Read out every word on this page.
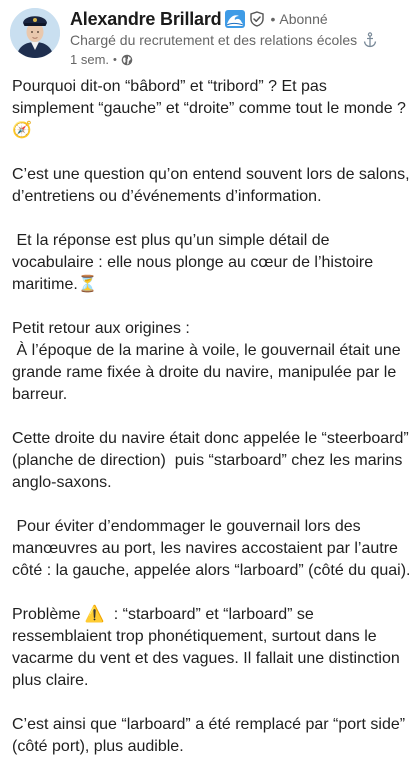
Alexandre Brillard	• Abonné
Chargé du recrutement et des relations écoles
1 sem. •

Pourquoi dit-on “bâbord” et “tribord” ? Et pas simplement “gauche” et “droite” comme tout le monde ?🧭

C’est une question qu’on entend souvent lors de salons, d’entretiens ou d’événements d’information.

Et la réponse est plus qu’un simple détail de vocabulaire : elle nous plonge au cœur de l’histoire maritime.⏳

Petit retour aux origines :
À l’époque de la marine à voile, le gouvernail était une grande rame fixée à droite du navire, manipulée par le barreur.

Cette droite du navire était donc appelée le “steerboard” (planche de direction)  puis “starboard” chez les marins anglo-saxons.

Pour éviter d’endommager le gouvernail lors des manœuvres au port, les navires accostaient par l’autre côté : la gauche, appelée alors “larboard” (côté du quai).

Problème ⚠️  : “starboard” et “larboard” se ressemblaient trop phonétiquement, surtout dans le vacarme du vent et des vagues. Il fallait une distinction plus claire.

C’est ainsi que “larboard” a été remplacé par “port side” (côté port), plus audible.
